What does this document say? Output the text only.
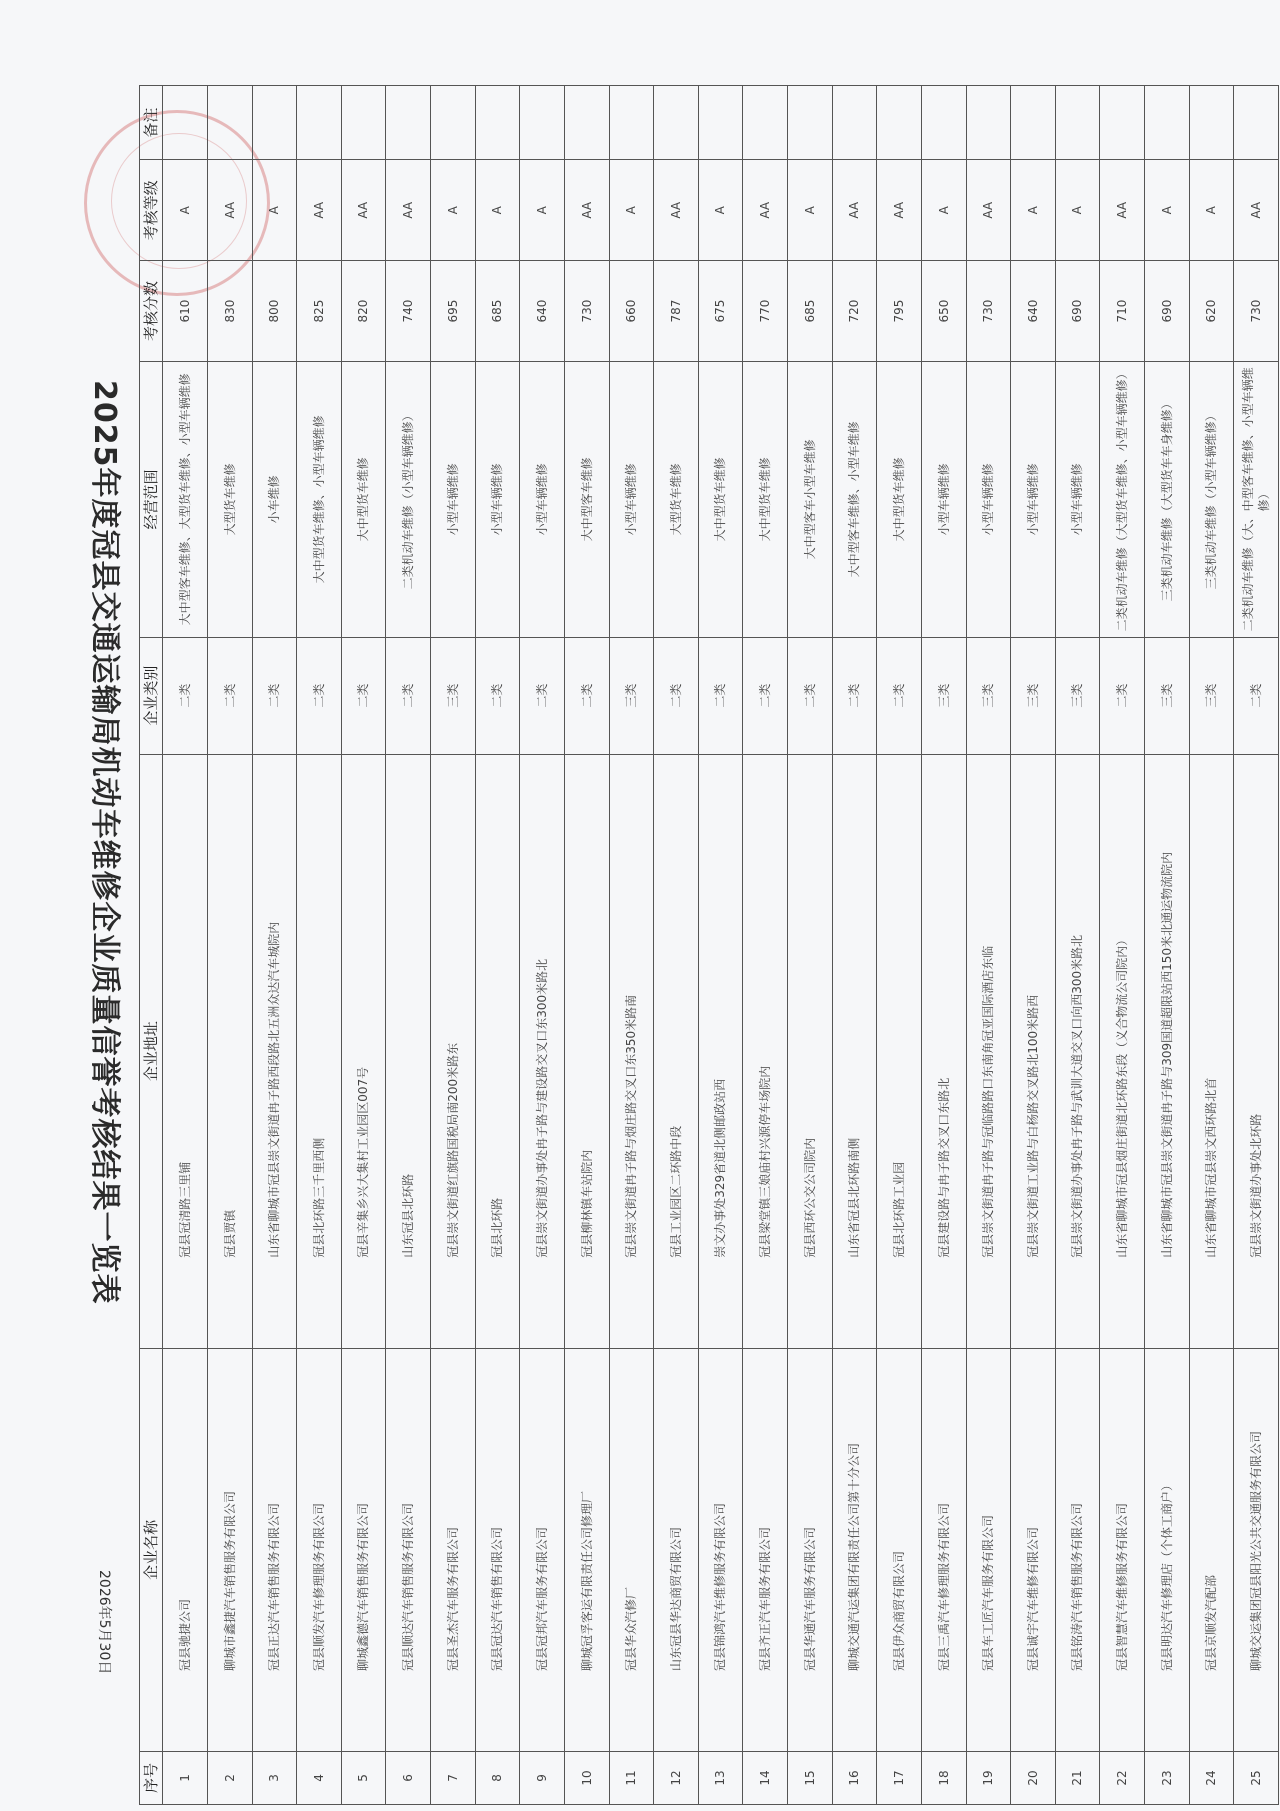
2025年度冠县交通运输局机动车维修企业质量信誉考核结果一览表
2026年5月30日
序号	企业名称	企业地址	企业类别	经营范围	考核分数	考核等级	备注
1	冠县驰捷公司	冠县冠清路三里铺	二类	大中型客车维修、大型货车维修、小型车辆维修	610	A	
2	聊城市鑫捷汽车销售服务有限公司	冠县贾镇	二类	大型货车维修	830	AA	
3	冠县正达汽车销售服务有限公司	山东省聊城市冠县崇文街道冉子路西段路北五洲众达汽车城院内	二类	小车维修	800	A	
4	冠县顺发汽车修理服务有限公司	冠县北环路三千里西侧	二类	大中型货车维修、小型车辆维修	825	AA	
5	聊城鑫德汽车销售服务有限公司	冠县辛集乡兴大集村工业园区007号	二类	大中型货车维修	820	AA	
6	冠县顺达汽车销售服务有限公司	山东冠县北环路	二类	二类机动车维修（小型车辆维修）	740	AA	
7	冠县圣杰汽车服务有限公司	冠县崇文街道红旗路国税局南200米路东	三类	小型车辆维修	695	A	
8	冠县冠达汽车销售有限公司	冠县北环路	二类	小型车辆维修	685	A	
9	冠县冠邦汽车服务有限公司	冠县崇文街道办事处冉子路与建设路交叉口东300米路北	二类	小型车辆维修	640	A	
10	聊城冠孚客运有限责任公司修理厂	冠县柳林镇车站院内	二类	大中型客车维修	730	AA	
11	冠县华众汽修厂	冠县崇文街道冉子路与烟庄路交叉口东350米路南	三类	小型车辆维修	660	A	
12	山东冠县华达商贸有限公司	冠县工业园区二环路中段	二类	大型货车维修	787	AA	
13	冠县锦鸿汽车维修服务有限公司	崇文办事处329省道北侧邮政站西	二类	大中型货车维修	675	A	
14	冠县齐正汽车服务有限公司	冠县梁堂镇三娘庙村兴源停车场院内	二类	大中型货车维修	770	AA	
15	冠县华通汽车服务有限公司	冠县西环公交公司院内	二类	大中型客车小型车维修	685	A	
16	聊城交通汽运集团有限责任公司第十分公司	山东省冠县北环路南侧	二类	大中型客车维修、小型车维修	720	AA	
17	冠县伊众商贸有限公司	冠县北环路工业园	二类	大中型货车维修	795	AA	
18	冠县三禹汽车修理服务有限公司	冠县建设路与冉子路交叉口东路北	三类	小型车辆维修	650	A	
19	冠县车工匠汽车服务有限公司	冠县崇文街道冉子路与冠临路路口东南角冠亚国际酒店东临	三类	小型车辆维修	730	AA	
20	冠县诚宇汽车维修有限公司	冠县崇文街道工业路与白杨路交叉路北100米路西	三类	小型车辆维修	640	A	
21	冠县铭涛汽车销售服务有限公司	冠县崇文街道办事处冉子路与武训大道交叉口向西300米路北	三类	小型车辆维修	690	A	
22	冠县智慧汽车维修服务有限公司	山东省聊城市冠县烟庄街道北环路东段（义合物流公司院内）	二类	二类机动车维修（大型货车维修、小型车辆维修）	710	AA	
23	冠县明达汽车修理店（个体工商户）	山东省聊城市冠县崇文街道冉子路与309国道超限站西150米北通运物流院内	三类	三类机动车维修（大型货车车身维修）	690	A	
24	冠县京顺发汽配部	山东省聊城市冠县崇文西环路北首	三类	三类机动车维修（小型车辆维修）	620	A	
25	聊城交运集团冠县阳光公共交通服务有限公司	冠县崇文街道办事处北环路	二类	二类机动车维修（大、中型客车维修、小型车辆维修）	730	AA	
